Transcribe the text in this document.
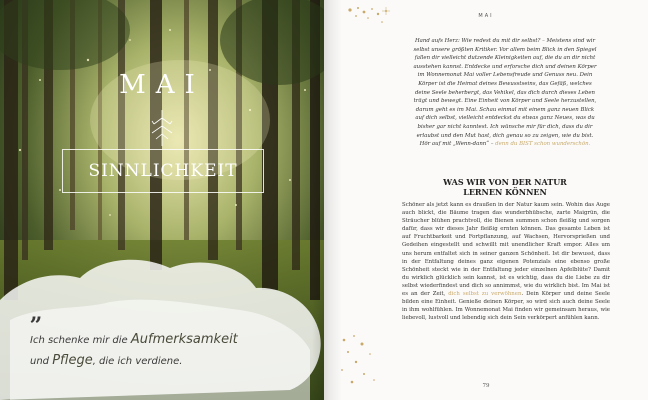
MAI
SINNLICHKEIT
„
Ich schenke mir die Aufmerksamkeit
und Pflege, die ich verdiene.
MAI

Hand aufs Herz: Wie redest du mit dir selbst? – Meistens sind wir selbst unsere größten Kritiker. Vor allem beim Blick in den Spiegel fallen dir vielleicht dutzende Kleinigkeiten auf, die du an dir nicht ausstehen kannst. Entdecke und erforsche dich und deinen Körper im Wonnemonat Mai voller Lebensfreude und Genuss neu. Dein Körper ist die Heimat deines Bewusstseins, das Gefäß, welches deine Seele beherbergt, das Vehikel, das dich durch dieses Leben trägt und bewegt. Eine Einheit von Körper und Seele herzustellen, darum geht es im Mai. Schau einmal mit einem ganz neuen Blick auf dich selbst, vielleicht entdeckst du etwas ganz Neues, was du bisher gar nicht kanntest. Ich wünsche mir für dich, dass du dir erlaubst und den Mut hast, dich genau so zu zeigen, wie du bist. Hör auf mit „Wenn-dann“ – denn du BIST schon wunderschön.

WAS WIR VON DER NATUR
LERNEN KÖNNEN

Schöner als jetzt kann es draußen in der Natur kaum sein. Wohin das Auge auch blickt, die Bäume tragen das wunderbhübsche, zarte Maigrün, die Sträucher blühen prachtvoll, die Bienen summen schon fleißig und sorgen dafür, dass wir dieses Jahr fleißig ernten können. Das gesamte Leben ist auf Fruchtbarkeit und Fortpflanzung, auf Wachsen, Hervorsprießen und Gedeihen eingestellt und schwillt mit unendlicher Kraft empor. Alles um uns herum entfaltet sich in seiner ganzen Schönheit. Ist dir bewusst, dass in der Entfaltung deines ganz eigenen Potenzials eine ebenso große Schönheit steckt wie in der Entfaltung jeder einzelnen Apfelblüte? Damit du wirklich glücklich sein kannst, ist es wichtig, dass du die Liebe zu dir selbst wiederfindest und dich so annimmst, wie du wirklich bist. Im Mai ist es an der Zeit, dich selbst zu verwöhnen. Dein Körper und deine Seele bilden eine Einheit. Genieße deinen Körper, so wird sich auch deine Seele in ihm wohlfühlen. Im Wonnemonat Mai finden wir gemeinsam heraus, wie liebevoll, lustvoll und lebendig sich dein Sein verkörpert anfühlen kann.

79
